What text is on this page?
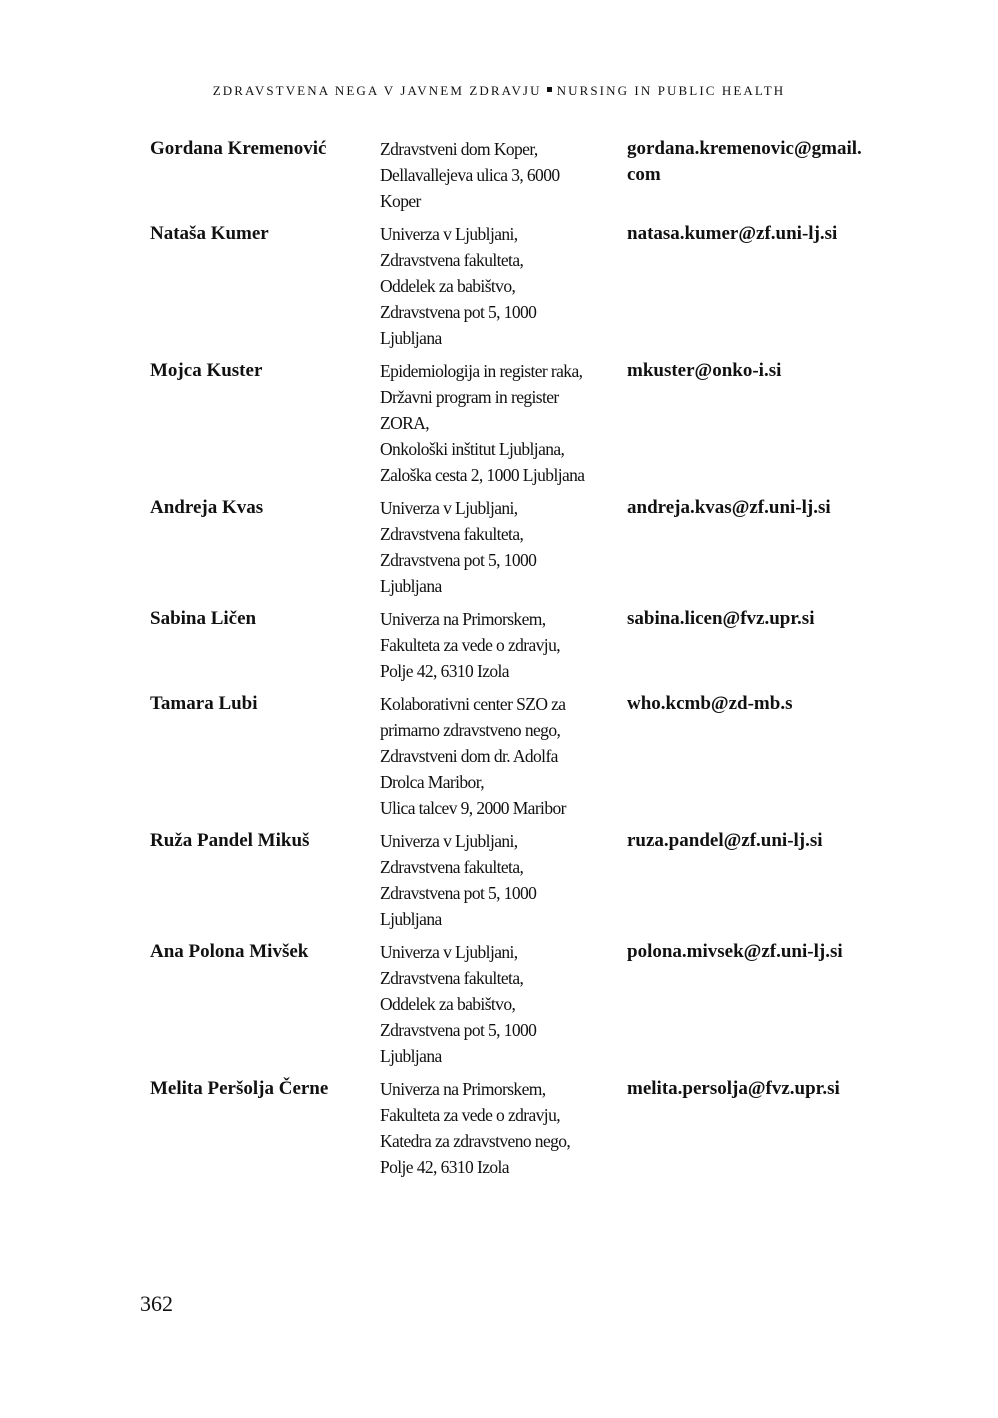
ZDRAVSTVENA NEGA V JAVNEM ZDRAVJU NURSING IN PUBLIC HEALTH
Gordana Kremenović	Zdravstveni dom Koper,
Dellavallejeva ulica 3, 6000
Koper
gordana.kremenovic@gmail.
com
Nataša Kumer	Univerza v Ljubljani,
Zdravstvena fakulteta,
Oddelek za babištvo,
Zdravstvena pot 5, 1000
Ljubljana
natasa.kumer@zf.uni-lj.si
Mojca Kuster	Epidemiologija in register raka,
Državni program in register
ZORA,
Onkološki inštitut Ljubljana,
Zaloška cesta 2, 1000 Ljubljana
mkuster@onko-i.si
Andreja Kvas	Univerza v Ljubljani,
Zdravstvena fakulteta,
Zdravstvena pot 5, 1000
Ljubljana
andreja.kvas@zf.uni-lj.si
Sabina Ličen	Univerza na Primorskem,
Fakulteta za vede o zdravju,
Polje 42, 6310 Izola
sabina.licen@fvz.upr.si
Tamara Lubi	Kolaborativni center SZO za
primarno zdravstveno nego,
Zdravstveni dom dr. Adolfa
Drolca Maribor,
Ulica talcev 9, 2000 Maribor
who.kcmb@zd-mb.s
Ruža Pandel Mikuš	Univerza v Ljubljani,
Zdravstvena fakulteta,
Zdravstvena pot 5, 1000
Ljubljana
ruza.pandel@zf.uni-lj.si
Ana Polona Mivšek	Univerza v Ljubljani,
Zdravstvena fakulteta,
Oddelek za babištvo,
Zdravstvena pot 5, 1000
Ljubljana
polona.mivsek@zf.uni-lj.si
Melita Peršolja Černe	Univerza na Primorskem,
Fakulteta za vede o zdravju,
Katedra za zdravstveno nego,
Polje 42, 6310 Izola
melita.persolja@fvz.upr.si
362
